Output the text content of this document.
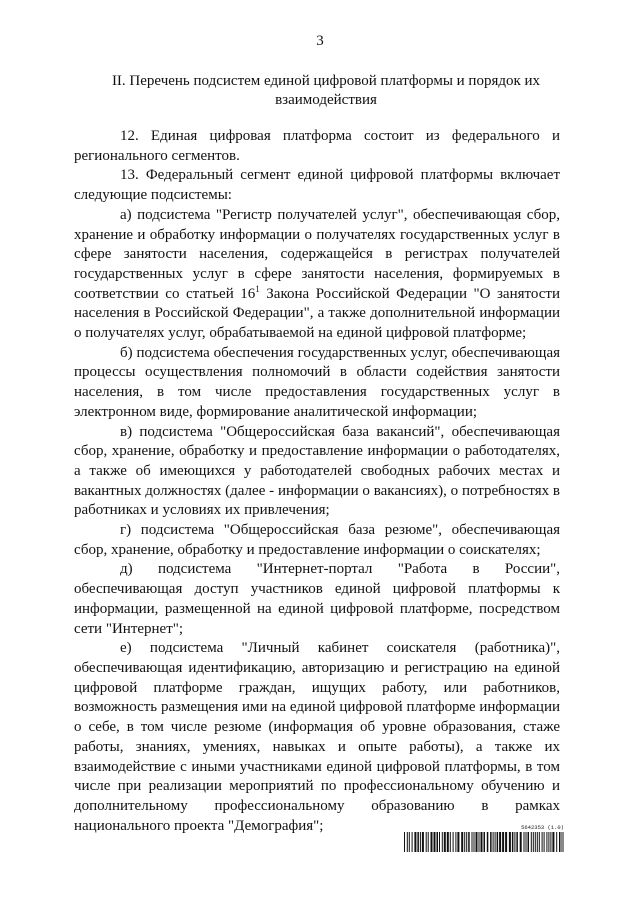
3
II. Перечень подсистем единой цифровой платформы и порядок их взаимодействия

12. Единая цифровая платформа состоит из федерального и регионального сегментов.

13. Федеральный сегмент единой цифровой платформы включает следующие подсистемы:

а) подсистема "Регистр получателей услуг", обеспечивающая сбор, хранение и обработку информации о получателях государственных услуг в сфере занятости населения, содержащейся в регистрах получателей государственных услуг в сфере занятости населения, формируемых в соответствии со статьей $16^1$ Закона Российской Федерации "О занятости населения в Российской Федерации", а также дополнительной информации о получателях услуг, обрабатываемой на единой цифровой платформе;

б) подсистема обеспечения государственных услуг, обеспечивающая процессы осуществления полномочий в области содействия занятости населения, в том числе предоставления государственных услуг в электронном виде, формирование аналитической информации;

в) подсистема "Общероссийская база вакансий", обеспечивающая сбор, хранение, обработку и предоставление информации о работодателях, а также об имеющихся у работодателей свободных рабочих местах и вакантных должностях (далее - информации о вакансиях), о потребностях в работниках и условиях их привлечения;

г) подсистема "Общероссийская база резюме", обеспечивающая сбор, хранение, обработку и предоставление информации о соискателях;

д) подсистема "Интернет-портал "Работа в России", обеспечивающая доступ участников единой цифровой платформы к информации, размещенной на единой цифровой платформе, посредством сети "Интернет";

е) подсистема "Личный кабинет соискателя (работника)", обеспечивающая идентификацию, авторизацию и регистрацию на единой цифровой платформе граждан, ищущих работу, или работников, возможность размещения ими на единой цифровой платформе информации о себе, в том числе резюме (информация об уровне образования, стаже работы, знаниях, умениях, навыках и опыте работы), а также их взаимодействие с иными участниками единой цифровой платформы, в том числе при реализации мероприятий по профессиональному обучению и дополнительному профессиональному образованию в рамках национального проекта "Демография";	5642353 (1.0)
